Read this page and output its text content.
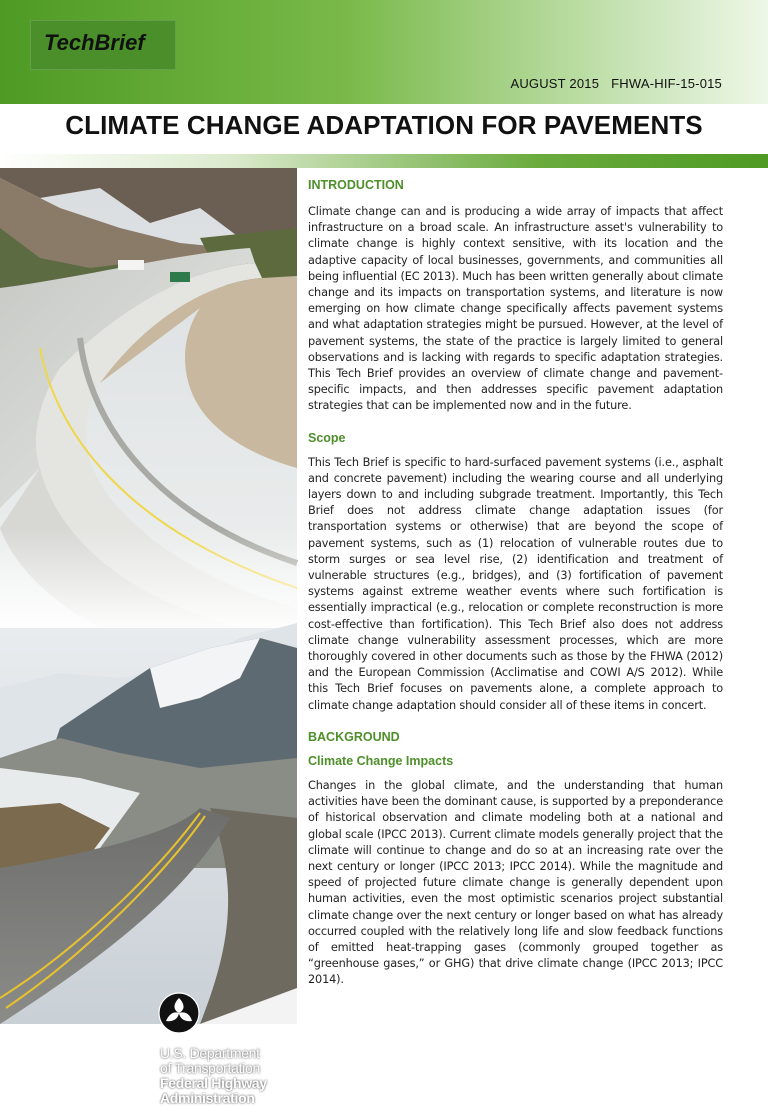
TechBrief
AUGUST 2015 FHWA-HIF-15-015
CLIMATE CHANGE ADAPTATION FOR PAVEMENTS
U.S. Department
of Transportation
Federal Highway
Administration
INTRODUCTION

Climate change can and is producing a wide array of impacts that affect infrastructure on a broad scale. An infrastructure asset's vulnerability to climate change is highly context sensitive, with its location and the adaptive capacity of local businesses, governments, and communities all being influential (EC 2013). Much has been written generally about climate change and its impacts on transportation systems, and literature is now emerging on how climate change specifically affects pavement systems and what adaptation strategies might be pursued. However, at the level of pavement systems, the state of the practice is largely limited to general observations and is lacking with regards to specific adaptation strategies. This Tech Brief provides an overview of climate change and pavement-specific impacts, and then addresses specific pavement adaptation strategies that can be implemented now and in the future.

Scope

This Tech Brief is specific to hard-surfaced pavement systems (i.e., asphalt and concrete pavement) including the wearing course and all underlying layers down to and including subgrade treatment. Importantly, this Tech Brief does not address climate change adaptation issues (for transportation systems or otherwise) that are beyond the scope of pavement systems, such as (1) relocation of vulnerable routes due to storm surges or sea level rise, (2) identification and treatment of vulnerable structures (e.g., bridges), and (3) fortification of pavement systems against extreme weather events where such fortification is essentially impractical (e.g., relocation or complete reconstruction is more cost-effective than fortification). This Tech Brief also does not address climate change vulnerability assessment processes, which are more thoroughly covered in other documents such as those by the FHWA (2012) and the European Commission (Acclimatise and COWI A/S 2012). While this Tech Brief focuses on pavements alone, a complete approach to climate change adaptation should consider all of these items in concert.

BACKGROUND
Climate Change Impacts

Changes in the global climate, and the understanding that human activities have been the dominant cause, is supported by a preponderance of historical observation and climate modeling both at a national and global scale (IPCC 2013). Current climate models generally project that the climate will continue to change and do so at an increasing rate over the next century or longer (IPCC 2013; IPCC 2014). While the magnitude and speed of projected future climate change is generally dependent upon human activities, even the most optimistic scenarios project substantial climate change over the next century or longer based on what has already occurred coupled with the relatively long life and slow feedback functions of emitted heat-trapping gases (commonly grouped together as “greenhouse gases,” or GHG) that drive climate change (IPCC 2013; IPCC 2014).
